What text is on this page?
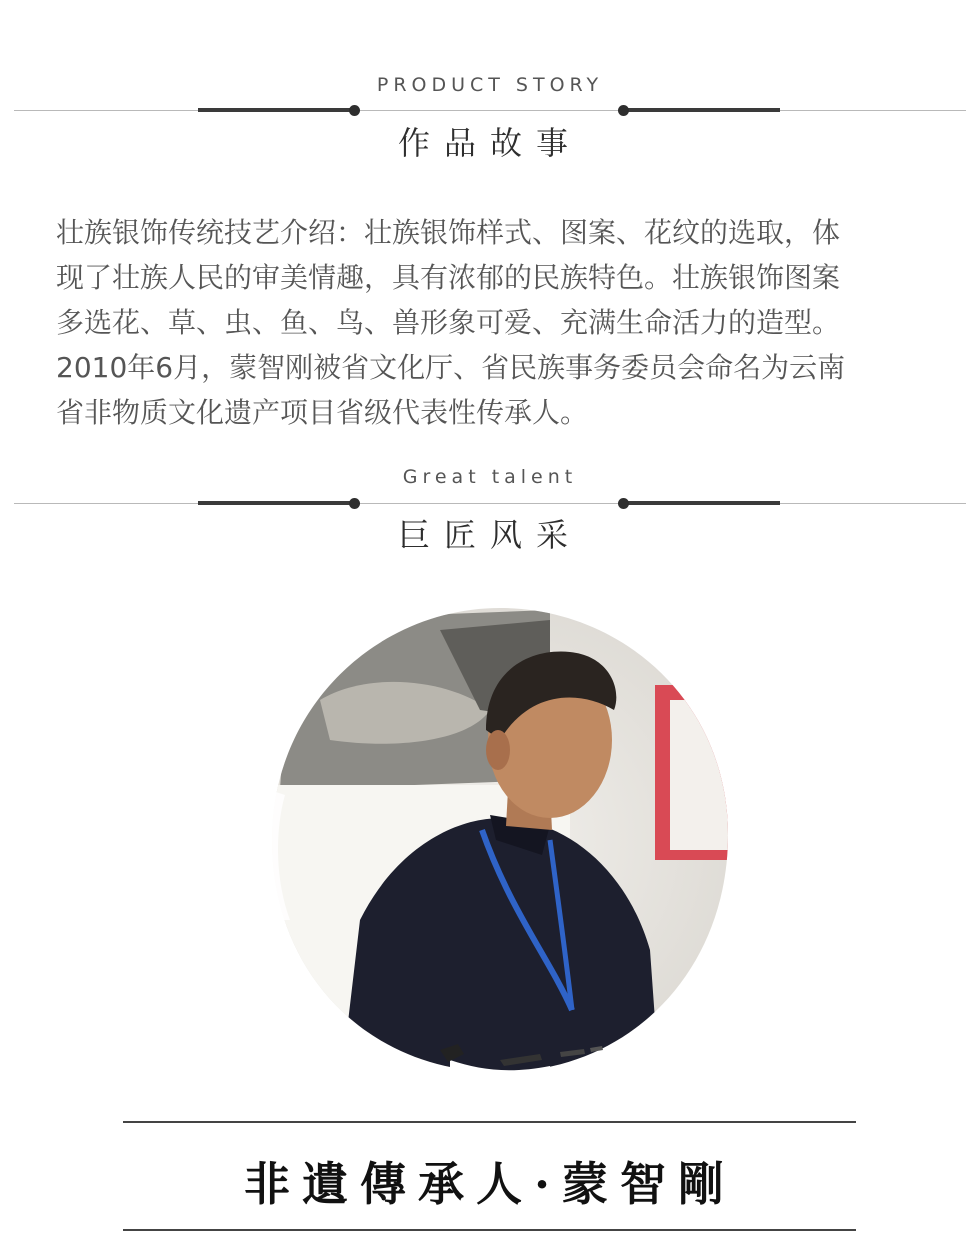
PRODUCT STORY
作品故事
壮族银饰传统技艺介绍：壮族银饰样式、图案、花纹的选取，体
现了壮族人民的审美情趣，具有浓郁的民族特色。壮族银饰图案
多选花、草、虫、鱼、鸟、兽形象可爱、充满生命活力的造型。
2010年6月，蒙智刚被省文化厅、省民族事务委员会命名为云南
省非物质文化遗产项目省级代表性传承人。
Great talent
巨匠风采
非遺傳承人·蒙智剛
